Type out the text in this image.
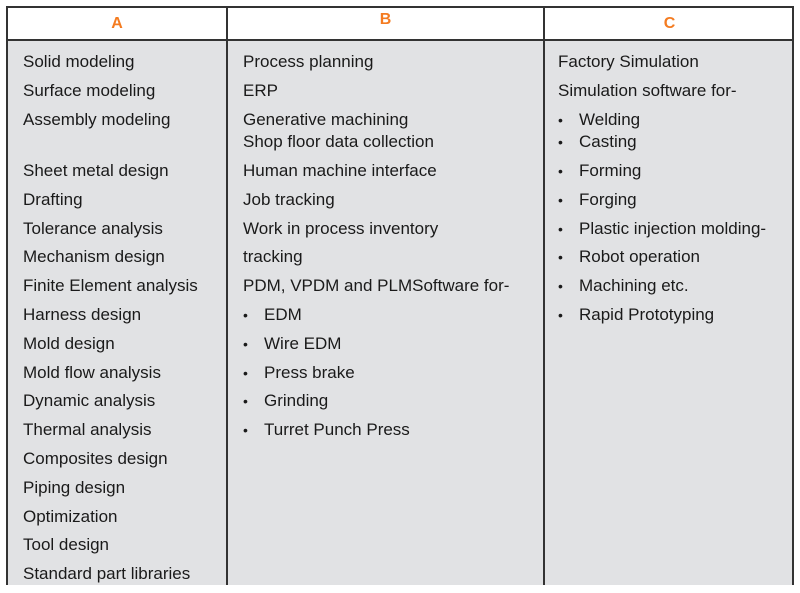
A	B	C
Solid modeling
Surface modeling
Assembly modeling
Sheet metal design
Drafting
Tolerance analysis
Mechanism design
Finite Element analysis
Harness design
Mold design
Mold flow analysis
Dynamic analysis
Thermal analysis
Composites design
Piping design
Optimization
Tool design
Standard part libraries
Process planning
ERP
Generative machining
Shop floor data collection
Human machine interface
Job tracking
Work in process inventory
tracking
PDM, VPDM and PLMSoftware for-
• EDM
• Wire EDM
• Press brake
• Grinding
• Turret Punch Press
Factory Simulation
Simulation software for-
• Welding
• Casting
• Forming
• Forging
• Plastic injection molding-
• Robot operation
• Machining etc.
• Rapid Prototyping
